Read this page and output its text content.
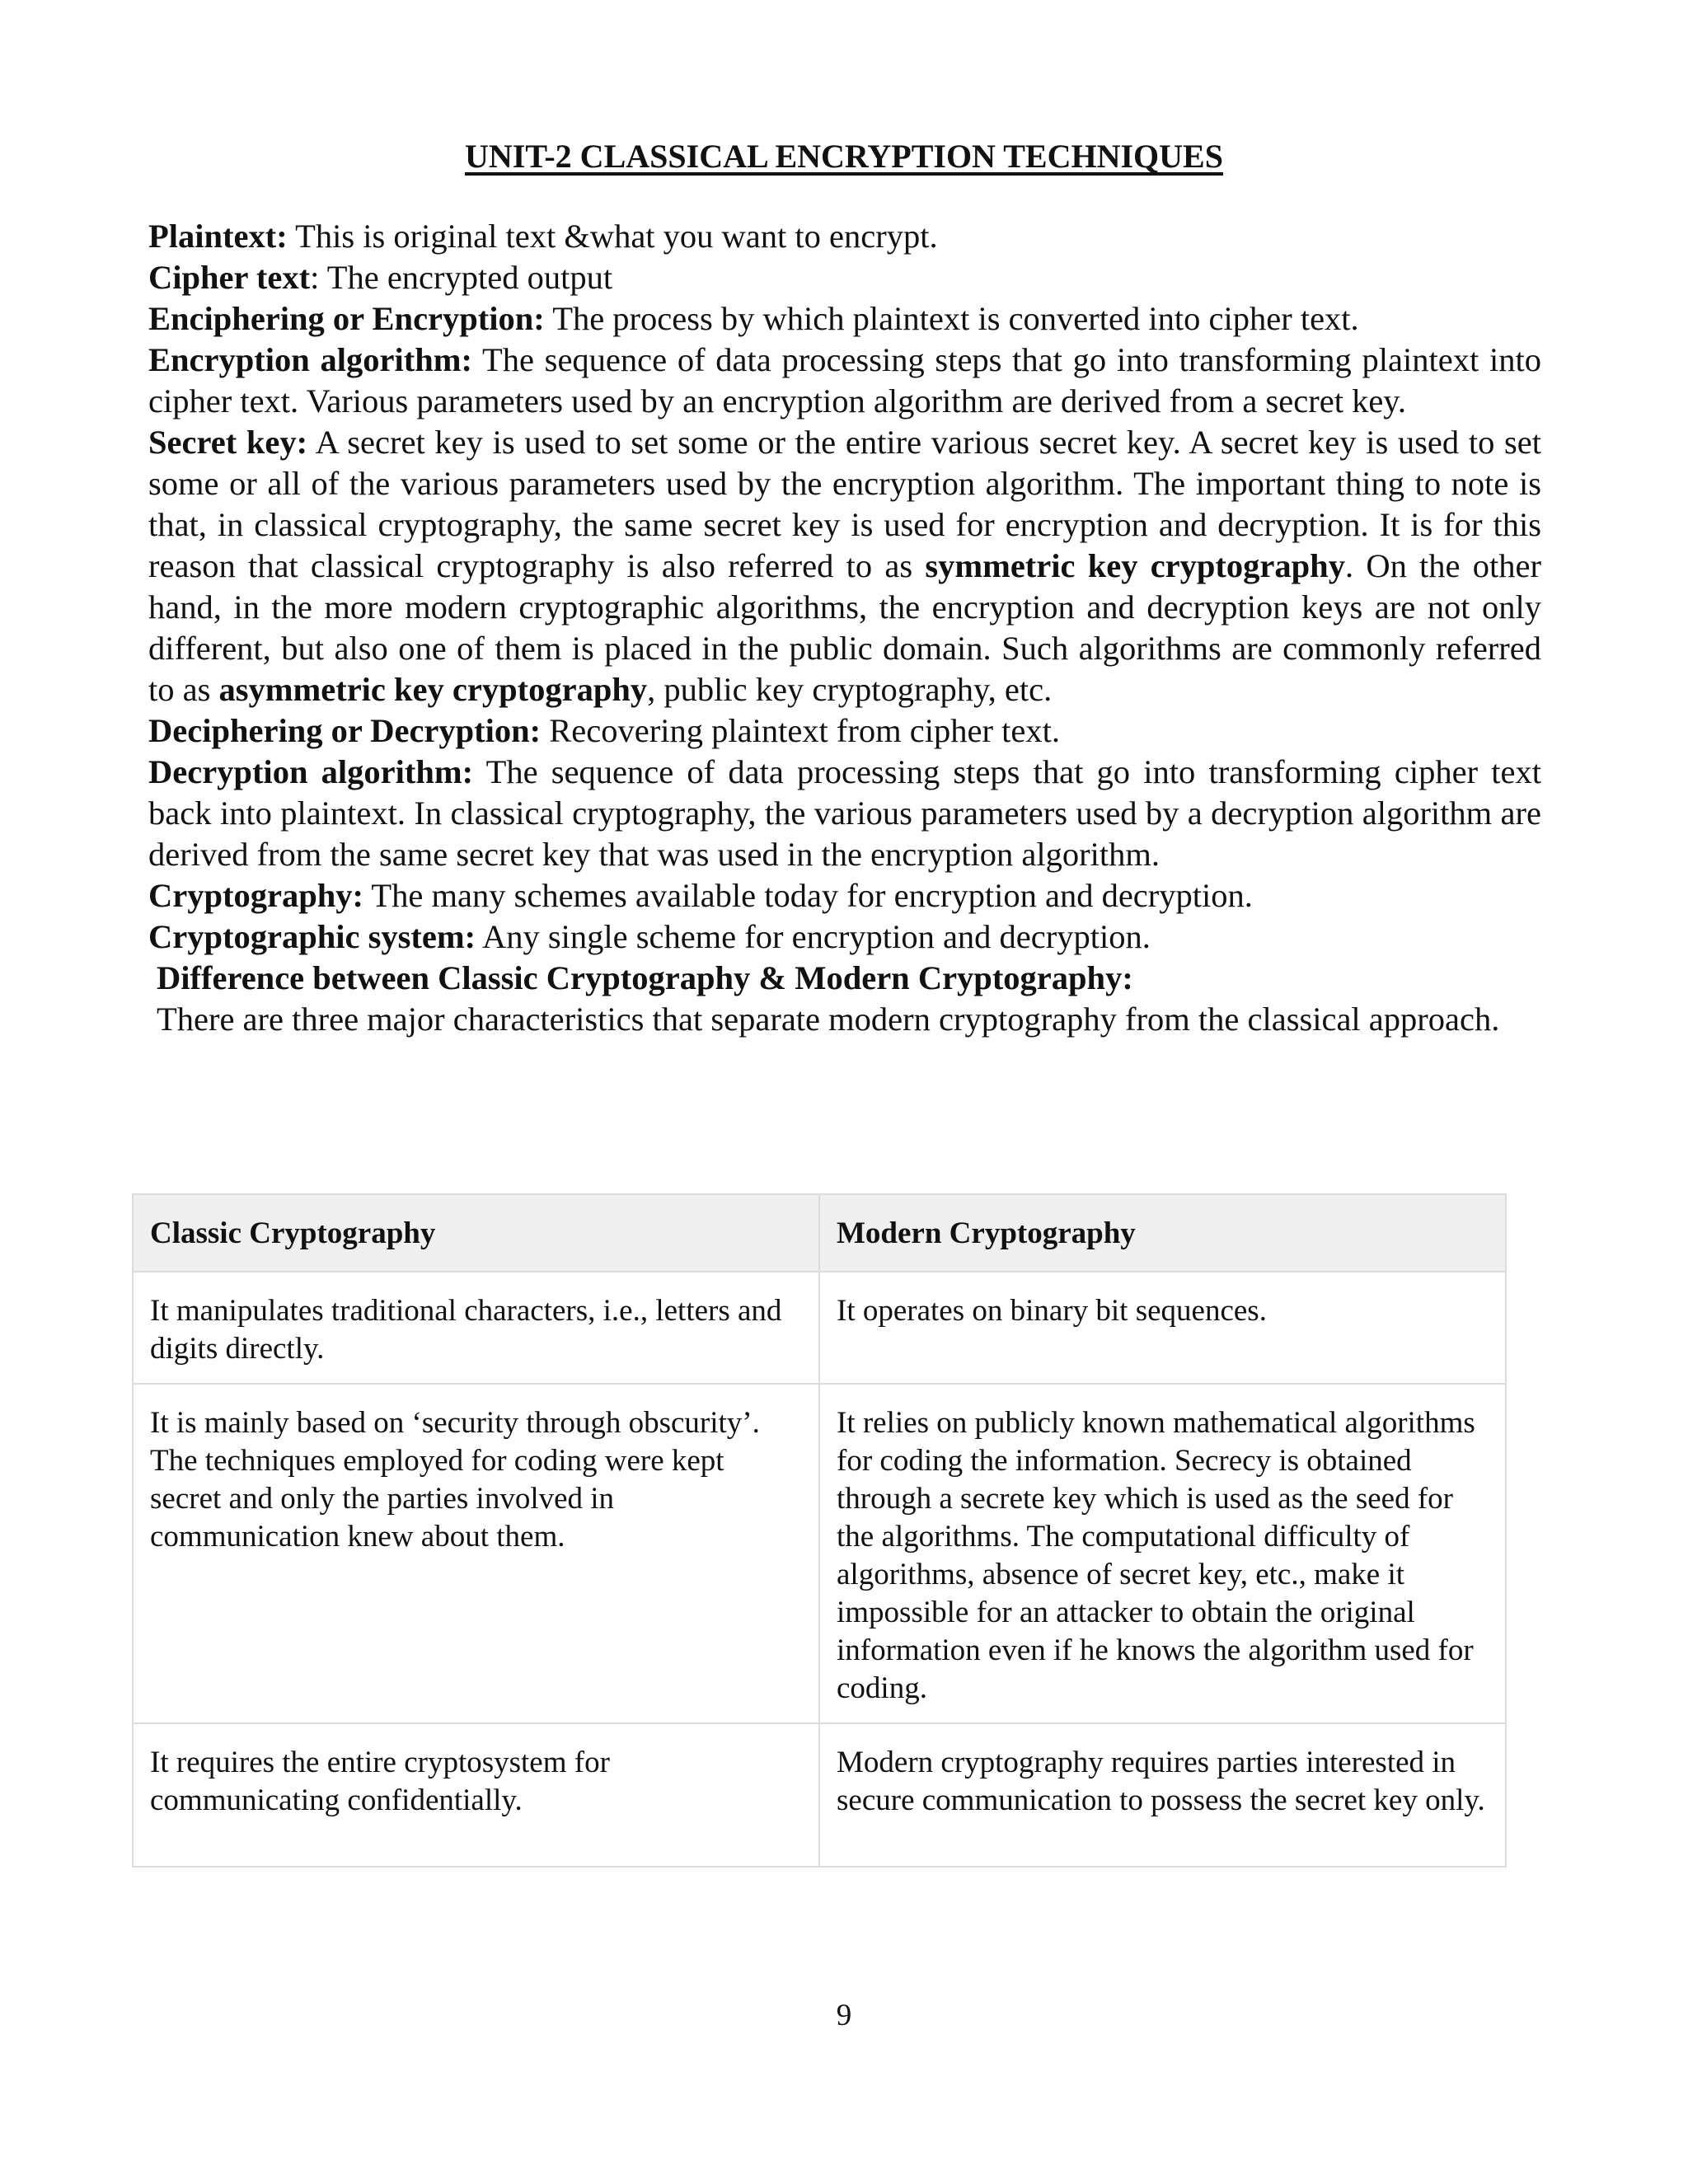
UNIT-2 CLASSICAL ENCRYPTION TECHNIQUES

Plaintext: This is original text &what you want to encrypt.

Cipher text: The encrypted output

Enciphering or Encryption: The process by which plaintext is converted into cipher text.

Encryption algorithm: The sequence of data processing steps that go into transforming plaintext into cipher text. Various parameters used by an encryption algorithm are derived from a secret key.

Secret key: A secret key is used to set some or the entire various secret key. A secret key is used to set some or all of the various parameters used by the encryption algorithm. The important thing to note is that, in classical cryptography, the same secret key is used for encryption and decryption. It is for this reason that classical cryptography is also referred to as symmetric key cryptography. On the other hand, in the more modern cryptographic algorithms, the encryption and decryption keys are not only different, but also one of them is placed in the public domain. Such algorithms are commonly referred to as asymmetric key cryptography, public key cryptography, etc.

Deciphering or Decryption: Recovering plaintext from cipher text.

Decryption algorithm: The sequence of data processing steps that go into transforming cipher text back into plaintext. In classical cryptography, the various parameters used by a decryption algorithm are derived from the same secret key that was used in the encryption algorithm.

Cryptography: The many schemes available today for encryption and decryption.

Cryptographic system: Any single scheme for encryption and decryption.

Difference between Classic Cryptography & Modern Cryptography:

There are three major characteristics that separate modern cryptography from the classical approach.

Classic Cryptography	Modern Cryptography
It manipulates traditional characters, i.e., letters and digits directly.	It operates on binary bit sequences.
It is mainly based on ‘security through obscurity’. The techniques employed for coding were kept secret and only the parties involved in communication knew about them.	It relies on publicly known mathematical algorithms for coding the information. Secrecy is obtained through a secrete key which is used as the seed for the algorithms. The computational difficulty of algorithms, absence of secret key, etc., make it impossible for an attacker to obtain the original information even if he knows the algorithm used for coding.
It requires the entire cryptosystem for communicating confidentially.	Modern cryptography requires parties interested in secure communication to possess the secret key only.
9
